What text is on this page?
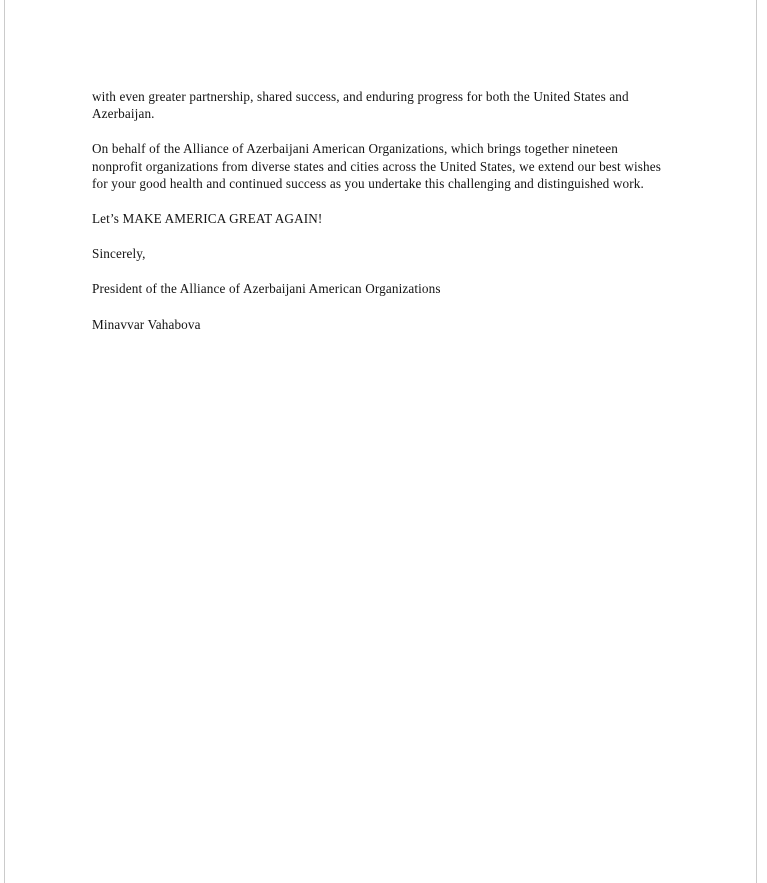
with even greater partnership, shared success, and enduring progress for both the United States and Azerbaijan.

On behalf of the Alliance of Azerbaijani American Organizations, which brings together nineteen nonprofit organizations from diverse states and cities across the United States, we extend our best wishes for your good health and continued success as you undertake this challenging and distinguished work.

Let’s MAKE AMERICA GREAT AGAIN!

Sincerely,

President of the Alliance of Azerbaijani American Organizations

Minavvar Vahabova
